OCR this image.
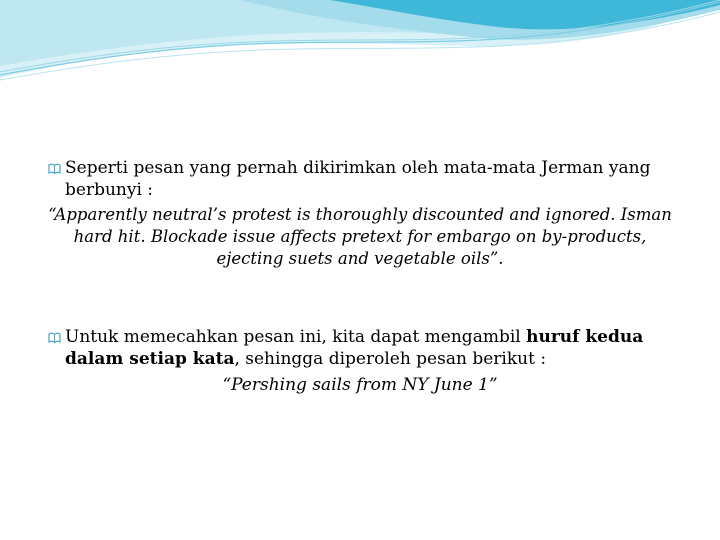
Seperti pesan yang pernah dikirimkan oleh mata-mata Jerman yang
berbunyi :
“Apparently neutral’s protest is thoroughly discounted and ignored. Isman
hard hit. Blockade issue affects pretext for embargo on by-products,
ejecting suets and vegetable oils”.
Untuk memecahkan pesan ini, kita dapat mengambil huruf kedua
dalam setiap kata, sehingga diperoleh pesan berikut :
“Pershing sails from NY June 1”
